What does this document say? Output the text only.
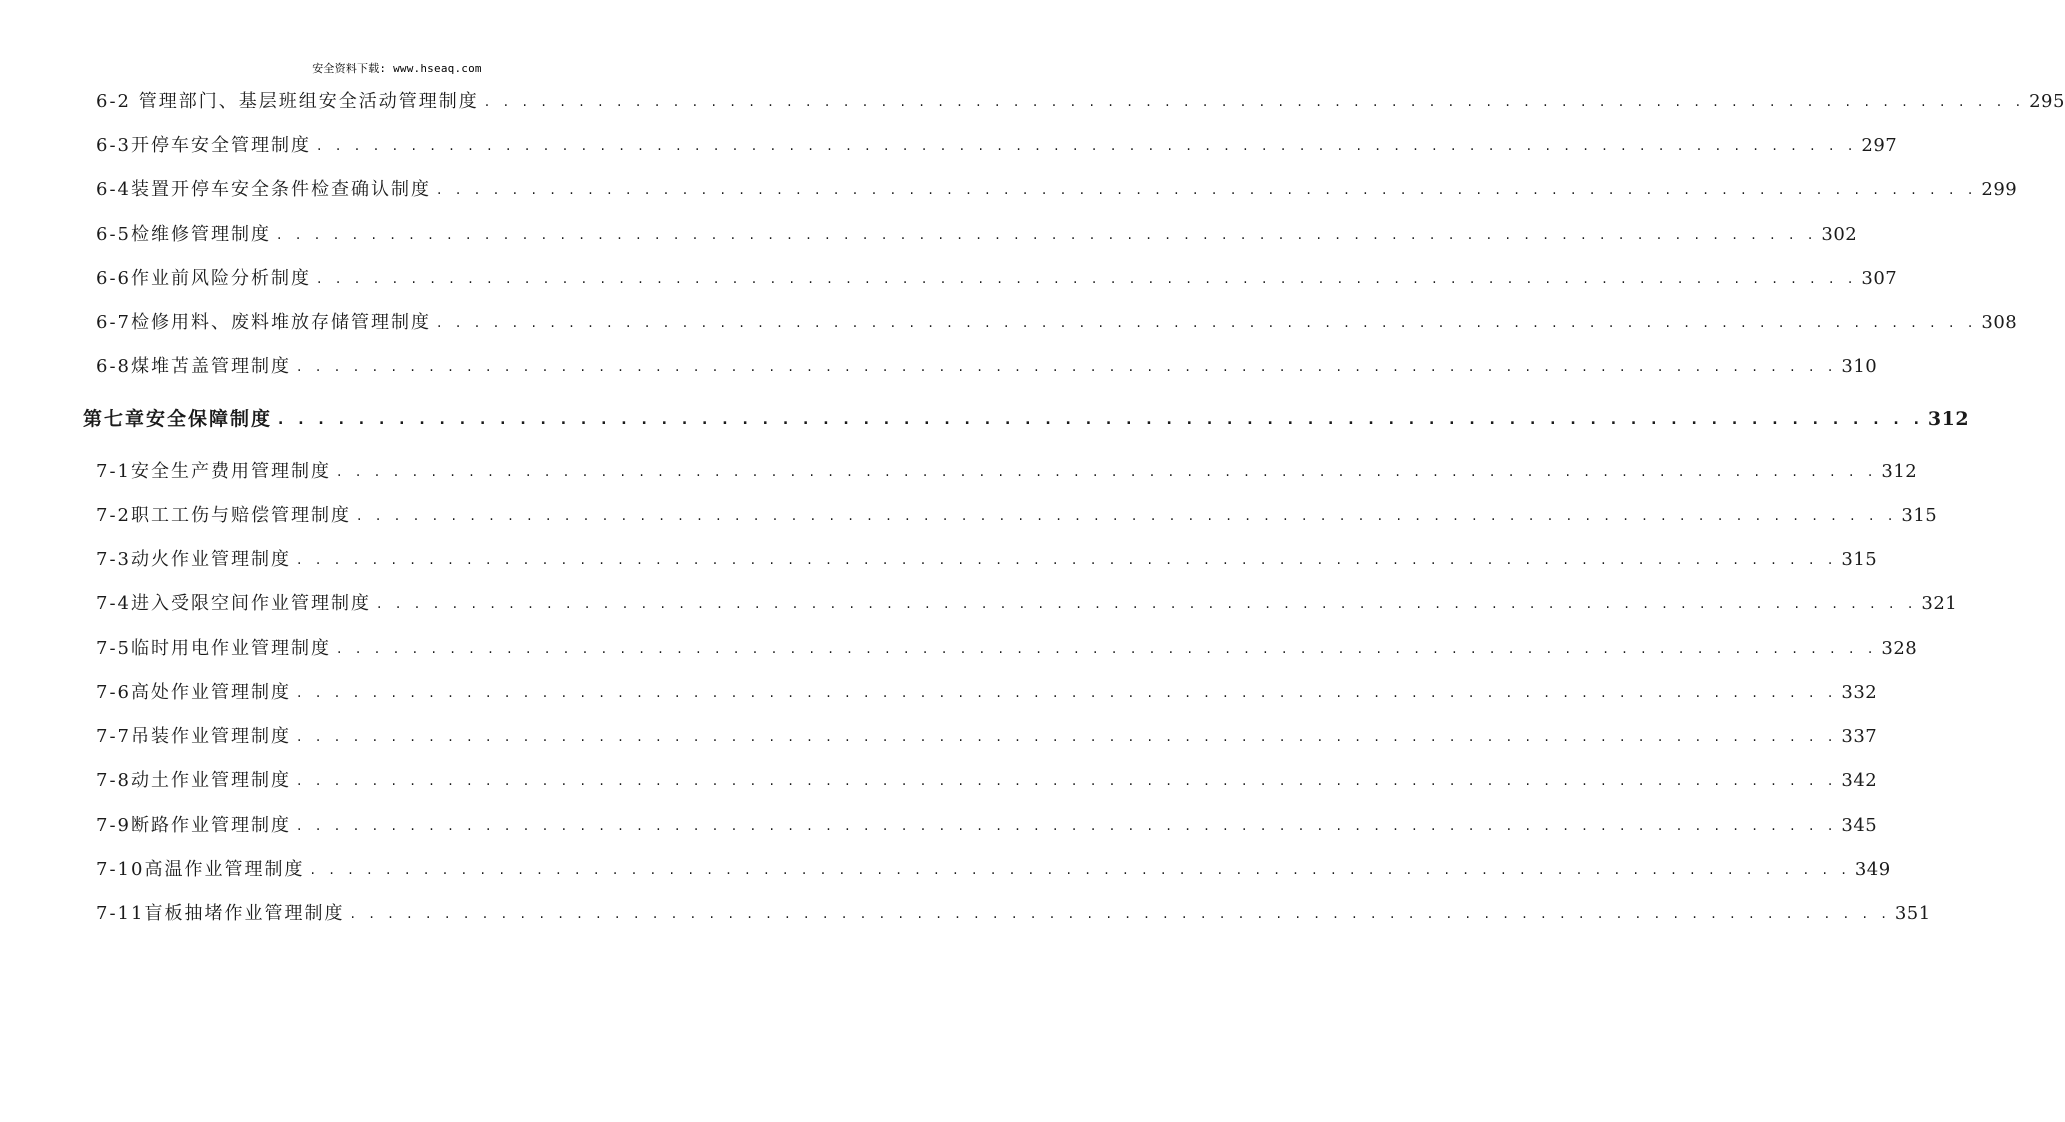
安全资料下载: www.hseaq.com
6-2 管理部门、基层班组安全活动管理制度 . . . . . . . . . . . . . . . . . . . . . . . . . . . . . . . . . . . . . . . . . . . . . . . . . . . . . . . . . . . . . . . . . . . . . . . . . . . . . . . . . . 295
6-3开停车安全管理制度 . . . . . . . . . . . . . . . . . . . . . . . . . . . . . . . . . . . . . . . . . . . . . . . . . . . . . . . . . . . . . . . . . . . . . . . . . . . . . . . . . . 297
6-4装置开停车安全条件检查确认制度 . . . . . . . . . . . . . . . . . . . . . . . . . . . . . . . . . . . . . . . . . . . . . . . . . . . . . . . . . . . . . . . . . . . . . . . . . . . . . . . . . . 299
6-5检维修管理制度 . . . . . . . . . . . . . . . . . . . . . . . . . . . . . . . . . . . . . . . . . . . . . . . . . . . . . . . . . . . . . . . . . . . . . . . . . . . . . . . . . . 302
6-6作业前风险分析制度 . . . . . . . . . . . . . . . . . . . . . . . . . . . . . . . . . . . . . . . . . . . . . . . . . . . . . . . . . . . . . . . . . . . . . . . . . . . . . . . . . . 307
6-7检修用料、废料堆放存储管理制度 . . . . . . . . . . . . . . . . . . . . . . . . . . . . . . . . . . . . . . . . . . . . . . . . . . . . . . . . . . . . . . . . . . . . . . . . . . . . . . . . . . 308
6-8煤堆苫盖管理制度 . . . . . . . . . . . . . . . . . . . . . . . . . . . . . . . . . . . . . . . . . . . . . . . . . . . . . . . . . . . . . . . . . . . . . . . . . . . . . . . . . . 310
第七章安全保障制度 . . . . . . . . . . . . . . . . . . . . . . . . . . . . . . . . . . . . . . . . . . . . . . . . . . . . . . . . . . . . . . . . . . . . . . . . . . . . . . . . . . 312
7-1安全生产费用管理制度 . . . . . . . . . . . . . . . . . . . . . . . . . . . . . . . . . . . . . . . . . . . . . . . . . . . . . . . . . . . . . . . . . . . . . . . . . . . . . . . . . . 312
7-2职工工伤与赔偿管理制度 . . . . . . . . . . . . . . . . . . . . . . . . . . . . . . . . . . . . . . . . . . . . . . . . . . . . . . . . . . . . . . . . . . . . . . . . . . . . . . . . . . 315
7-3动火作业管理制度 . . . . . . . . . . . . . . . . . . . . . . . . . . . . . . . . . . . . . . . . . . . . . . . . . . . . . . . . . . . . . . . . . . . . . . . . . . . . . . . . . . 315
7-4进入受限空间作业管理制度 . . . . . . . . . . . . . . . . . . . . . . . . . . . . . . . . . . . . . . . . . . . . . . . . . . . . . . . . . . . . . . . . . . . . . . . . . . . . . . . . . . 321
7-5临时用电作业管理制度 . . . . . . . . . . . . . . . . . . . . . . . . . . . . . . . . . . . . . . . . . . . . . . . . . . . . . . . . . . . . . . . . . . . . . . . . . . . . . . . . . . 328
7-6高处作业管理制度 . . . . . . . . . . . . . . . . . . . . . . . . . . . . . . . . . . . . . . . . . . . . . . . . . . . . . . . . . . . . . . . . . . . . . . . . . . . . . . . . . . 332
7-7吊装作业管理制度 . . . . . . . . . . . . . . . . . . . . . . . . . . . . . . . . . . . . . . . . . . . . . . . . . . . . . . . . . . . . . . . . . . . . . . . . . . . . . . . . . . 337
7-8动土作业管理制度 . . . . . . . . . . . . . . . . . . . . . . . . . . . . . . . . . . . . . . . . . . . . . . . . . . . . . . . . . . . . . . . . . . . . . . . . . . . . . . . . . . 342
7-9断路作业管理制度 . . . . . . . . . . . . . . . . . . . . . . . . . . . . . . . . . . . . . . . . . . . . . . . . . . . . . . . . . . . . . . . . . . . . . . . . . . . . . . . . . . 345
7-10高温作业管理制度 . . . . . . . . . . . . . . . . . . . . . . . . . . . . . . . . . . . . . . . . . . . . . . . . . . . . . . . . . . . . . . . . . . . . . . . . . . . . . . . . . . 349
7-11盲板抽堵作业管理制度 . . . . . . . . . . . . . . . . . . . . . . . . . . . . . . . . . . . . . . . . . . . . . . . . . . . . . . . . . . . . . . . . . . . . . . . . . . . . . . . . . . 351
